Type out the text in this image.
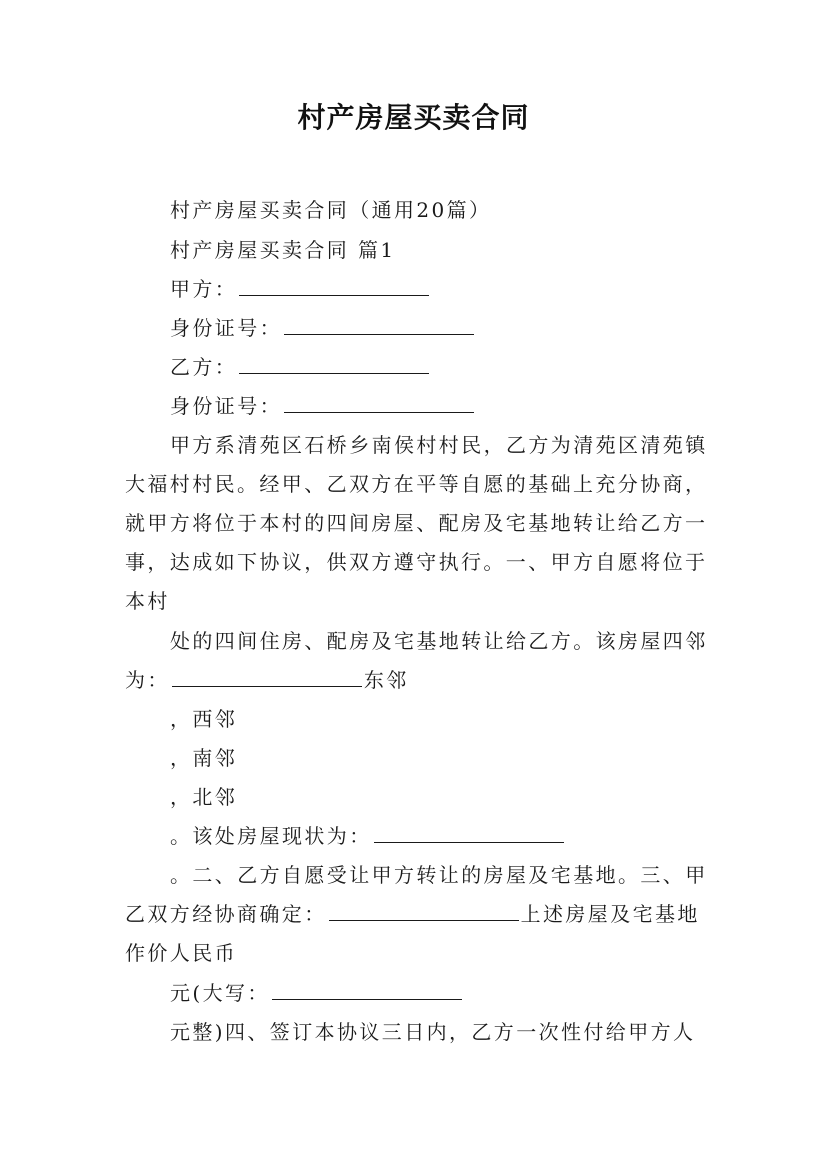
村产房屋买卖合同
村产房屋买卖合同（通用20篇）
村产房屋买卖合同 篇1
甲方：
身份证号：
乙方：
身份证号：
甲方系清苑区石桥乡南侯村村民，乙方为清苑区清苑镇
大福村村民。经甲、乙双方在平等自愿的基础上充分协商，
就甲方将位于本村的四间房屋、配房及宅基地转让给乙方一
事，达成如下协议，供双方遵守执行。一、甲方自愿将位于
本村
处的四间住房、配房及宅基地转让给乙方。该房屋四邻
为：	东邻
，西邻
，南邻
，北邻
。该处房屋现状为：
。二、乙方自愿受让甲方转让的房屋及宅基地。三、甲
乙双方经协商确定：	上述房屋及宅基地
作价人民币
元(大写：
元整)四、签订本协议三日内，乙方一次性付给甲方人
